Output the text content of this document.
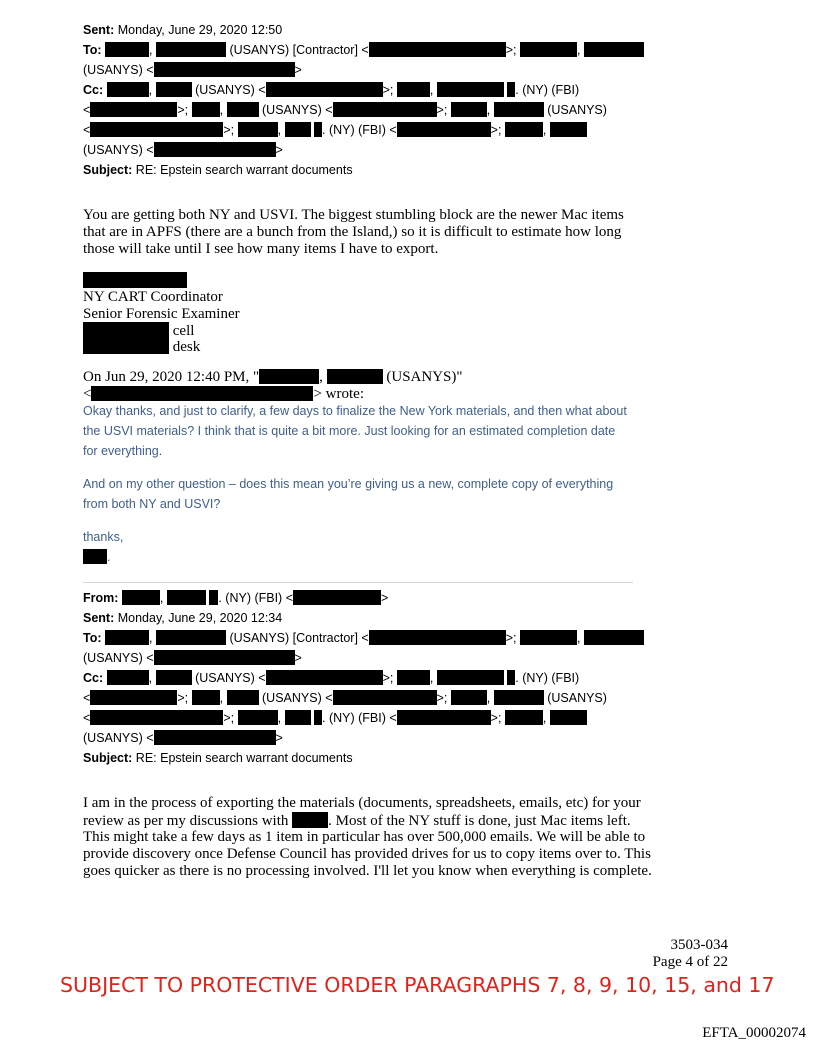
Sent: Monday, June 29, 2020 12:50
To:	,	(USANYS) [Contractor] <	>;	,
(USANYS) <	>
Cc:	,	(USANYS) <	>;	,	. (NY) (FBI)
<	>; ,	(USANYS) <	>;	,	(USANYS)
<	>;	,	. (NY) (FBI) <	>;	,
(USANYS) <	>
Subject: RE: Epstein search warrant documents
You are getting both NY and USVI. The biggest stumbling block are the newer Mac items
that are in APFS (there are a bunch from the Island,) so it is difficult to estimate how long
those will take until I see how many items I have to export.
NY CART Coordinator
Senior Forensic Examiner
cell
desk
On Jun 29, 2020 12:40 PM, "	,	(USANYS)"
<	> wrote:
Okay thanks, and just to clarify, a few days to finalize the New York materials, and then what about
the USVI materials? I think that is quite a bit more. Just looking for an estimated completion date
for everything.
And on my other question – does this mean you’re giving us a new, complete copy of everything
from both NY and USVI?
thanks,
.
From:	,	. (NY) (FBI) <	>
Sent: Monday, June 29, 2020 12:34
To:	,	(USANYS) [Contractor] <	>;	,
(USANYS) <	>
Cc:	,	(USANYS) <	>;	,	. (NY) (FBI)
<	>; ,	(USANYS) <	>;	,	(USANYS)
<	>;	,	. (NY) (FBI) <	>;	,
(USANYS) <	>
Subject: RE: Epstein search warrant documents
I am in the process of exporting the materials (documents, spreadsheets, emails, etc) for your
review as per my discussions with	. Most of the NY stuff is done, just Mac items left.
This might take a few days as 1 item in particular has over 500,000 emails. We will be able to
provide discovery once Defense Council has provided drives for us to copy items over to. This
goes quicker as there is no processing involved. I'll let you know when everything is complete.
3503-034
Page 4 of 22
SUBJECT TO PROTECTIVE ORDER PARAGRAPHS 7, 8, 9, 10, 15, and 17
EFTA_00002074
